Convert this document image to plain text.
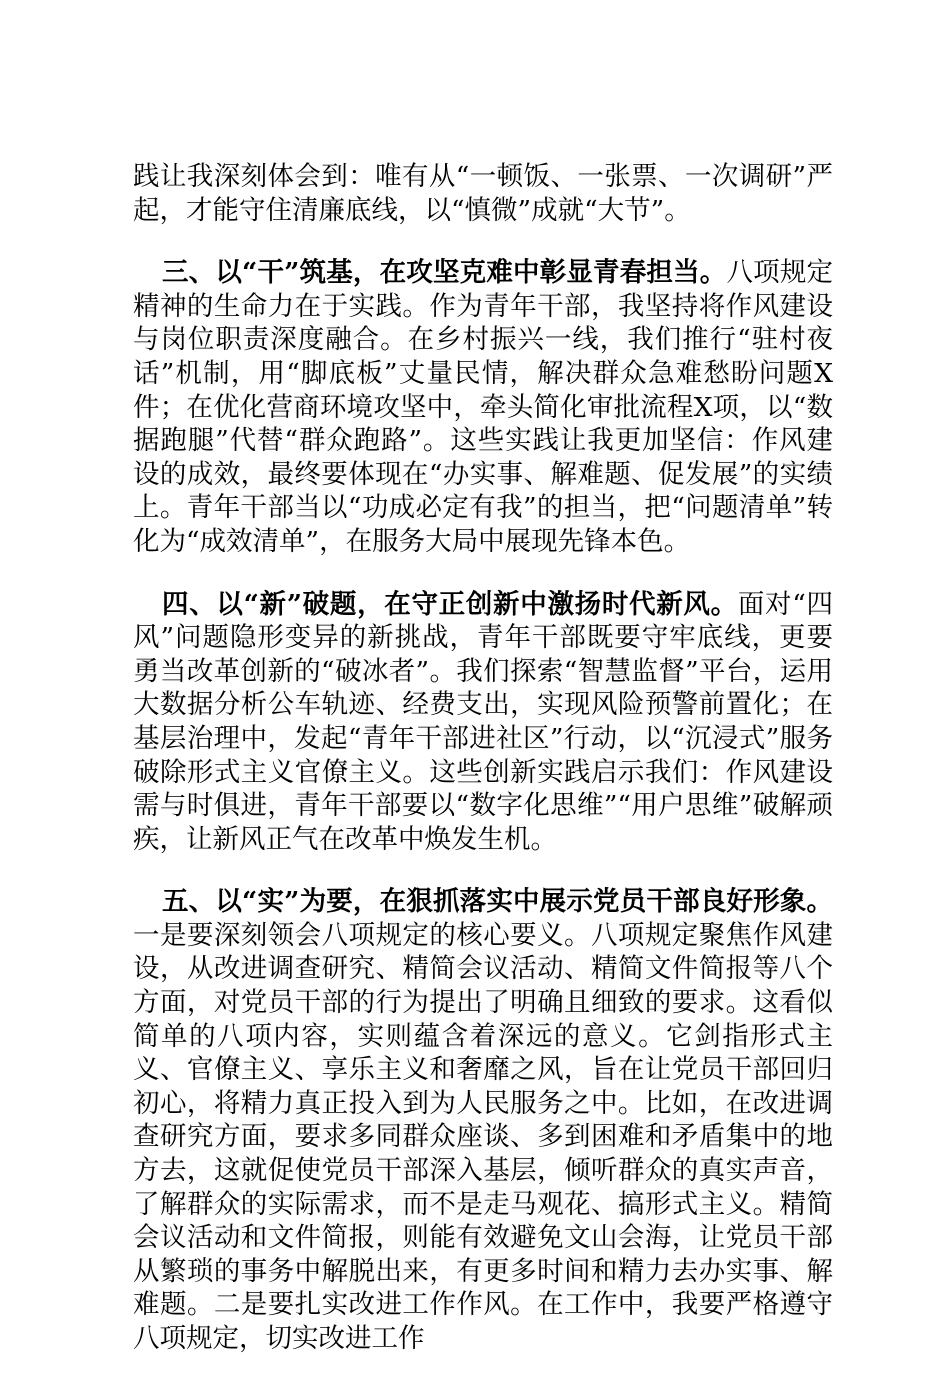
践让我深刻体会到：唯有从“一顿饭、一张票、一次调研”严起，才能守住清廉底线，以“慎微”成就“大节”。

三、以“干”筑基，在攻坚克难中彰显青春担当。八项规定精神的生命力在于实践。作为青年干部，我坚持将作风建设与岗位职责深度融合。在乡村振兴一线，我们推行“驻村夜话”机制，用“脚底板”丈量民情，解决群众急难愁盼问题X件；在优化营商环境攻坚中，牵头简化审批流程X项，以“数据跑腿”代替“群众跑路”。这些实践让我更加坚信：作风建设的成效，最终要体现在“办实事、解难题、促发展”的实绩上。青年干部当以“功成必定有我”的担当，把“问题清单”转化为“成效清单”，在服务大局中展现先锋本色。

四、以“新”破题，在守正创新中激扬时代新风。面对“四风”问题隐形变异的新挑战，青年干部既要守牢底线，更要勇当改革创新的“破冰者”。我们探索“智慧监督”平台，运用大数据分析公车轨迹、经费支出，实现风险预警前置化；在基层治理中，发起“青年干部进社区”行动，以“沉浸式”服务破除形式主义官僚主义。这些创新实践启示我们：作风建设需与时俱进，青年干部要以“数字化思维”“用户思维”破解顽疾，让新风正气在改革中焕发生机。

五、以“实”为要，在狠抓落实中展示党员干部良好形象。一是要深刻领会八项规定的核心要义。八项规定聚焦作风建设，从改进调查研究、精简会议活动、精简文件简报等八个方面，对党员干部的行为提出了明确且细致的要求。这看似简单的八项内容，实则蕴含着深远的意义。它剑指形式主义、官僚主义、享乐主义和奢靡之风，旨在让党员干部回归初心，将精力真正投入到为人民服务之中。比如，在改进调查研究方面，要求多同群众座谈、多到困难和矛盾集中的地方去，这就促使党员干部深入基层，倾听群众的真实声音，了解群众的实际需求，而不是走马观花、搞形式主义。精简会议活动和文件简报，则能有效避免文山会海，让党员干部从繁琐的事务中解脱出来，有更多时间和精力去办实事、解难题。二是要扎实改进工作作风。在工作中，我要严格遵守八项规定，切实改进工作
